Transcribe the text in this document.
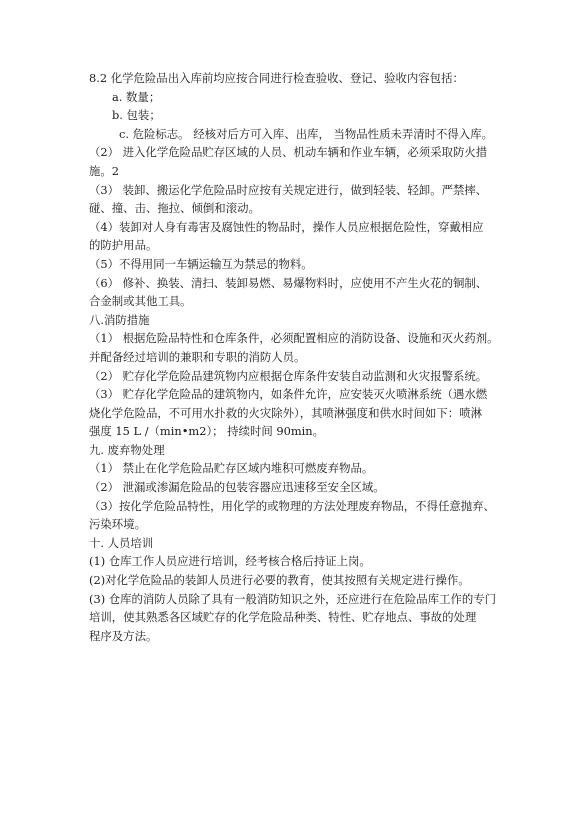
8.2 化学危险品出入库前均应按合同进行检查验收、登记、验收内容包括：
a. 数量；
b. 包装；
c. 危险标志。 经核对后方可入库、出库， 当物品性质未弄清时不得入库。
（2） 进入化学危险品贮存区域的人员、机动车辆和作业车辆，必须采取防火措
施。2
（3） 装卸、搬运化学危险品时应按有关规定进行，做到轻装、轻卸。严禁摔、
碰、撞、击、拖拉、倾倒和滚动。
（4）装卸对人身有毒害及腐蚀性的物品时，操作人员应根据危险性，穿戴相应
的防护用品。
（5）不得用同一车辆运输互为禁忌的物料。
（6） 修补、换装、清扫、装卸易燃、易爆物料时，应使用不产生火花的铜制、
合金制或其他工具。
八.消防措施
（1） 根据危险品特性和仓库条件，必须配置相应的消防设备、设施和灭火药剂。
并配备经过培训的兼职和专职的消防人员。
（2） 贮存化学危险品建筑物内应根据仓库条件安装自动监测和火灾报警系统。
（3） 贮存化学危险品的建筑物内，如条件允许，应安装灭火喷淋系统（遇水燃
烧化学危险品，不可用水扑救的火灾除外），其喷淋强度和供水时间如下：喷淋
强度 15 L /（min•m2）； 持续时间 90min。
九. 废弃物处理
（1） 禁止在化学危险品贮存区域内堆积可燃废弃物品。
（2） 泄漏或渗漏危险品的包装容器应迅速移至安全区域。
（3）按化学危险品特性，用化学的或物理的方法处理废弃物品，不得任意抛弃、
污染环境。
十. 人员培训
(1) 仓库工作人员应进行培训，经考核合格后持证上岗。
(2)对化学危险品的装卸人员进行必要的教育，使其按照有关规定进行操作。
(3) 仓库的消防人员除了具有一般消防知识之外，还应进行在危险品库工作的专门
培训，使其熟悉各区域贮存的化学危险品种类、特性、贮存地点、事故的处理
程序及方法。
